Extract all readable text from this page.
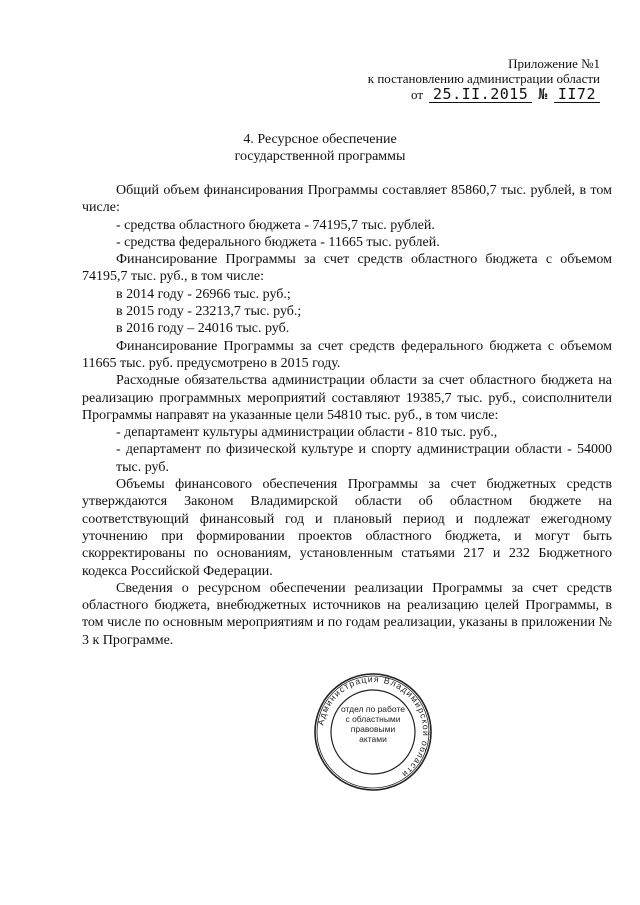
Приложение №1
к постановлению администрации области
от 25.II.2015 № II72
4. Ресурсное обеспечение
государственной программы

Общий объем финансирования Программы составляет 85860,7 тыс. рублей, в том числе:

- средства областного бюджета - 74195,7 тыс. рублей.

- средства федерального бюджета - 11665 тыс. рублей.

Финансирование Программы за счет средств областного бюджета с объемом 74195,7 тыс. руб., в том числе:

в 2014 году - 26966 тыс. руб.;

в 2015 году - 23213,7 тыс. руб.;

в 2016 году – 24016 тыс. руб.

Финансирование Программы за счет средств федерального бюджета с объемом 11665 тыс. руб. предусмотрено в 2015 году.

Расходные обязательства администрации области за счет областного бюджета на реализацию программных мероприятий составляют 19385,7 тыс. руб., соисполнители Программы направят на указанные цели 54810 тыс. руб., в том числе:

- департамент культуры администрации области - 810 тыс. руб.,

- департамент по физической культуре и спорту администрации области - 54000 тыс. руб.

Объемы финансового обеспечения Программы за счет бюджетных средств утверждаются Законом Владимирской области об областном бюджете на соответствующий финансовый год и плановый период и подлежат ежегодному уточнению при формировании проектов областного бюджета, и могут быть скорректированы по основаниям, установленным статьями 217 и 232 Бюджетного кодекса Российской Федерации.

Сведения о ресурсном обеспечении реализации Программы за счет средств областного бюджета, внебюджетных источников на реализацию целей Программы, в том числе по основным мероприятиям и по годам реализации, указаны в приложении № 3 к Программе.

Администрация Владимирской области
отдел по работе
с областными
правовыми
актами
